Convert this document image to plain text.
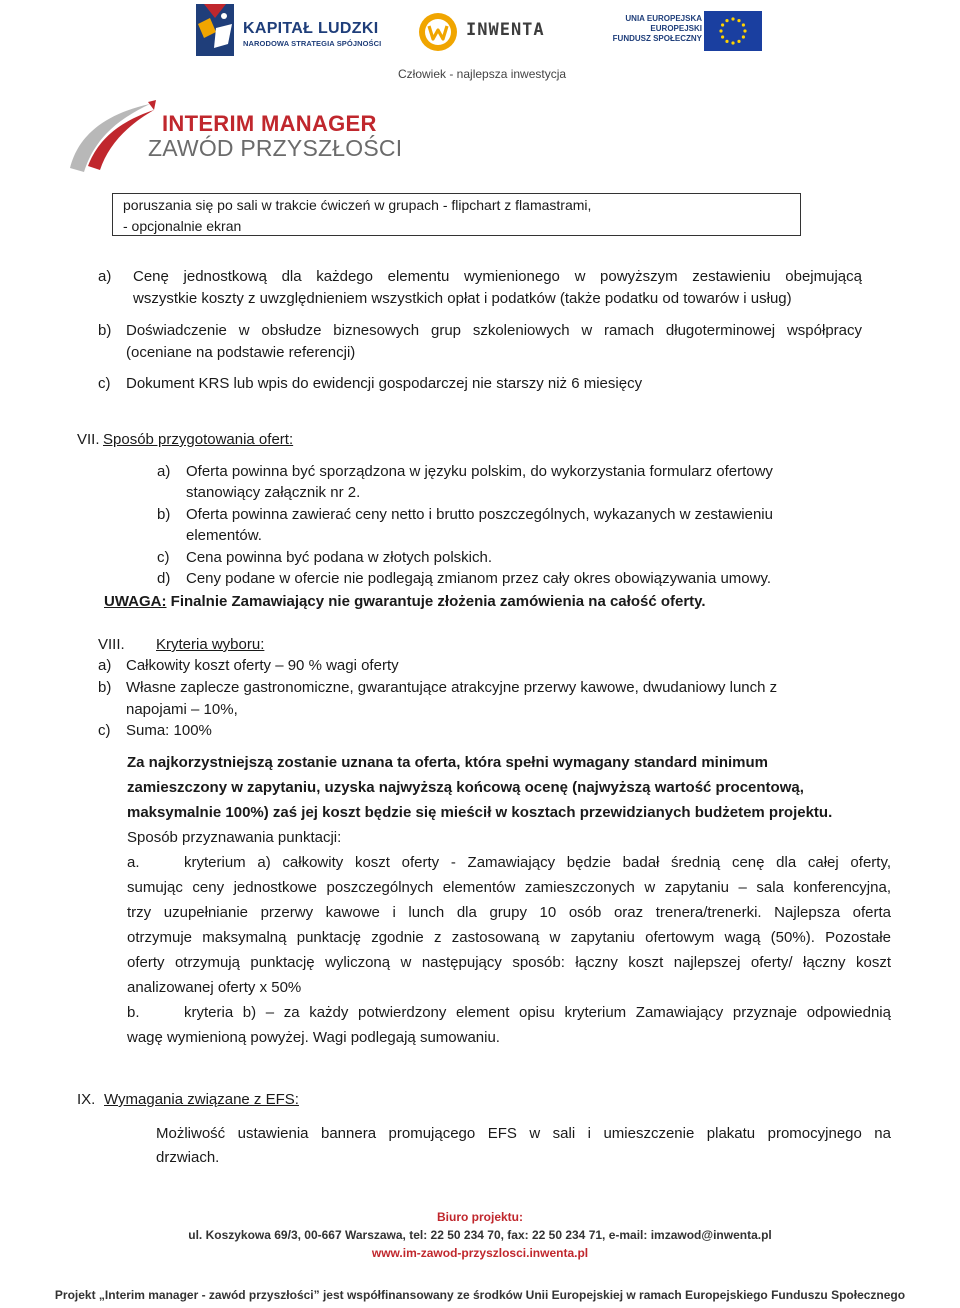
KAPITAŁ LUDZKI
NARODOWA STRATEGIA SPÓJNOŚCI
INWENTA
UNIA EUROPEJSKA
EUROPEJSKI
FUNDUSZ SPOŁECZNY
Człowiek - najlepsza inwestycja
INTERIM MANAGER
ZAWÓD PRZYSZŁOŚCI
poruszania się po sali w trakcie ćwiczeń w grupach - flipchart z flamastrami,
- opcjonalnie ekran
a) Cenę jednostkową dla każdego elementu wymienionego w powyższym zestawieniu obejmującą
wszystkie koszty z uwzględnieniem wszystkich opłat i podatków (także podatku od towarów i usług)
b) Doświadczenie w obsłudze biznesowych grup szkoleniowych w ramach długoterminowej współpracy
(oceniane na podstawie referencji)
c) Dokument KRS lub wpis do ewidencji gospodarczej nie starszy niż 6 miesięcy
VII. Sposób przygotowania ofert:
a) Oferta powinna być sporządzona w języku polskim, do wykorzystania formularz ofertowy
stanowiący załącznik nr 2.
b) Oferta powinna zawierać ceny netto i brutto poszczególnych, wykazanych w zestawieniu
elementów.
c) Cena powinna być podana w złotych polskich.
d) Ceny podane w ofercie nie podlegają zmianom przez cały okres obowiązywania umowy.
UWAGA: Finalnie Zamawiający nie gwarantuje złożenia zamówienia na całość oferty.
VIII. Kryteria wyboru:
a) Całkowity koszt oferty – 90 % wagi oferty
b) Własne zaplecze gastronomiczne, gwarantujące atrakcyjne przerwy kawowe, dwudaniowy lunch z
napojami – 10%,
c) Suma: 100%
Za najkorzystniejszą zostanie uznana ta oferta, która spełni wymagany standard minimum
zamieszczony w zapytaniu, uzyska najwyższą końcową ocenę (najwyższą wartość procentową,
maksymalnie 100%) zaś jej koszt będzie się mieścił w kosztach przewidzianych budżetem projektu.
Sposób przyznawania punktacji:
a.	kryterium a) całkowity koszt oferty - Zamawiający będzie badał średnią cenę dla całej oferty,
sumując ceny jednostkowe poszczególnych elementów zamieszczonych w zapytaniu – sala konferencyjna,
trzy uzupełnianie przerwy kawowe i lunch dla grupy 10 osób oraz trenera/trenerki. Najlepsza oferta
otrzymuje maksymalną punktację zgodnie z zastosowaną w zapytaniu ofertowym wagą (50%). Pozostałe
oferty otrzymują punktację wyliczoną w następujący sposób: łączny koszt najlepszej oferty/ łączny koszt
analizowanej oferty x 50%
b.	kryteria b) – za każdy potwierdzony element opisu kryterium Zamawiający przyznaje odpowiednią
wagę wymienioną powyżej. Wagi podlegają sumowaniu.
IX. Wymagania związane z EFS:
Możliwość ustawienia bannera promującego EFS w sali i umieszczenie plakatu promocyjnego na
drzwiach.
Biuro projektu:
ul. Koszykowa 69/3, 00-667 Warszawa, tel: 22 50 234 70, fax: 22 50 234 71, e-mail: imzawod@inwenta.pl
www.im-zawod-przyszlosci.inwenta.pl
Projekt „Interim manager - zawód przyszłości” jest współfinansowany ze środków Unii Europejskiej w ramach Europejskiego Funduszu Społecznego
